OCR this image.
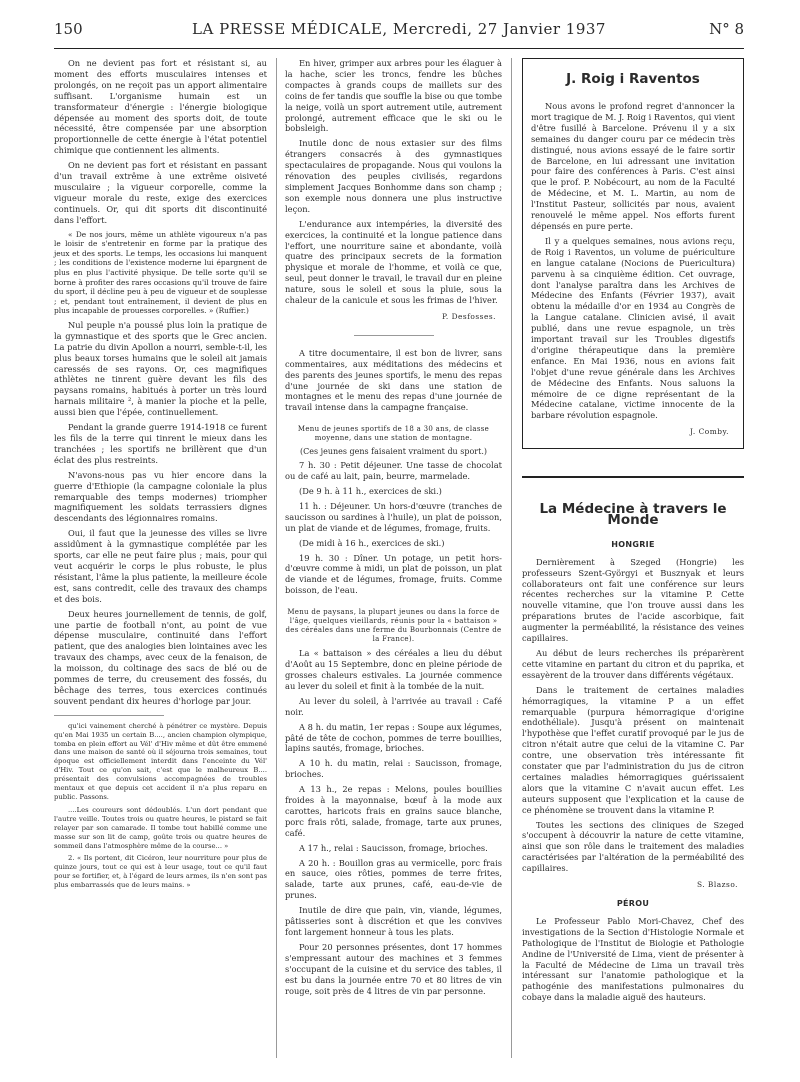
150	LA PRESSE MÉDICALE, Mercredi, 27 Janvier 1937	N° 8

On ne devient pas fort et résistant si, au moment des efforts musculaires intenses et prolongés, on ne reçoit pas un apport alimentaire suffisant. L'organisme humain est un transformateur d'énergie : l'énergie biologique dépensée au moment des sports doit, de toute nécessité, être compensée par une absorption proportionnelle de cette énergie à l'état potentiel chimique que contiennent les aliments.

On ne devient pas fort et résistant en passant d'un travail extrême à une extrême oisiveté musculaire ; la vigueur corporelle, comme la vigueur morale du reste, exige des exercices continuels. Or, qui dit sports dit discontinuité dans l'effort.

« De nos jours, même un athlète vigoureux n'a pas le loisir de s'entretenir en forme par la pratique des jeux et des sports. Le temps, les occasions lui manquent ; les conditions de l'existence moderne lui épargnent de plus en plus l'activité physique. De telle sorte qu'il se borne à profiter des rares occasions qu'il trouve de faire du sport, il décline peu à peu de vigueur et de souplesse ; et, pendant tout entraînement, il devient de plus en plus incapable de prouesses corporelles. » (Ruffier.)

Nul peuple n'a poussé plus loin la pratique de la gymnastique et des sports que le Grec ancien. La patrie du divin Apollon a nourri, semble-t-il, les plus beaux torses humains que le soleil ait jamais caressés de ses rayons. Or, ces magnifiques athlètes ne tinrent guère devant les fils des paysans romains, habitués à porter un très lourd harnais militaire ², à manier la pioche et la pelle, aussi bien que l'épée, continuellement.

Pendant la grande guerre 1914-1918 ce furent les fils de la terre qui tinrent le mieux dans les tranchées ; les sportifs ne brillèrent que d'un éclat des plus restreints.

N'avons-nous pas vu hier encore dans la guerre d'Ethiopie (la campagne coloniale la plus remarquable des temps modernes) triompher magnifiquement les soldats terrassiers dignes descendants des légionnaires romains.

Oui, il faut que la jeunesse des villes se livre assidûment à la gymnastique complétée par les sports, car elle ne peut faire plus ; mais, pour qui veut acquérir le corps le plus robuste, le plus résistant, l'âme la plus patiente, la meilleure école est, sans contredit, celle des travaux des champs et des bois.

Deux heures journellement de tennis, de golf, une partie de football n'ont, au point de vue dépense musculaire, continuité dans l'effort patient, que des analogies bien lointaines avec les travaux des champs, avec ceux de la fenaison, de la moisson, du coltinage des sacs de blé ou de pommes de terre, du creusement des fossés, du bêchage des terres, tous exercices continués souvent pendant dix heures d'horloge par jour.

qu'ici vainement cherché à pénétrer ce mystère. Depuis qu'en Mai 1935 un certain B...., ancien champion olympique, tomba en plein effort au Vél' d'Hiv même et dût être emmené dans une maison de santé où il séjourna trois semaines, tout époque est officiellement interdit dans l'enceinte du Vél' d'Hiv. Tout ce qu'on sait, c'est que le malheureux B.... présentait des convulsions accompagnées de troubles mentaux et que depuis cet accident il n'a plus reparu en public. Passons.

....Les coureurs sont dédoublés. L'un dort pendant que l'autre veille. Toutes trois ou quatre heures, le pistard se fait relayer par son camarade. Il tombe tout habillé comme une masse sur son lit de camp, goûte trois ou quatre heures de sommeil dans l'atmosphère même de la course... »

2. « Ils portent, dit Cicéron, leur nourriture pour plus de quinze jours, tout ce qui est à leur usage, tout ce qu'il faut pour se fortifier, et, à l'égard de leurs armes, ils n'en sont pas plus embarrassés que de leurs mains. »

En hiver, grimper aux arbres pour les élaguer à la hache, scier les troncs, fendre les bûches compactes à grands coups de maillets sur des coins de fer tandis que souffle la bise ou que tombe la neige, voilà un sport autrement utile, autrement prolongé, autrement efficace que le ski ou le bobsleigh.

Inutile donc de nous extasier sur des films étrangers consacrés à des gymnastiques spectaculaires de propagande. Nous qui voulons la rénovation des peuples civilisés, regardons simplement Jacques Bonhomme dans son champ ; son exemple nous donnera une plus instructive leçon.

L'endurance aux intempéries, la diversité des exercices, la continuité et la longue patience dans l'effort, une nourriture saine et abondante, voilà quatre des principaux secrets de la formation physique et morale de l'homme, et voilà ce que, seul, peut donner le travail, le travail dur en pleine nature, sous le soleil et sous la pluie, sous la chaleur de la canicule et sous les frimas de l'hiver.

P. Desfosses.

A titre documentaire, il est bon de livrer, sans commentaires, aux méditations des médecins et des parents des jeunes sportifs, le menu des repas d'une journée de ski dans une station de montagnes et le menu des repas d'une journée de travail intense dans la campagne française.

Menu de jeunes sportifs de 18 a 30 ans, de classe moyenne, dans une station de montagne.
(Ces jeunes gens faisaient vraiment du sport.)

7 h. 30 : Petit déjeuner. Une tasse de chocolat ou de café au lait, pain, beurre, marmelade.

(De 9 h. à 11 h., exercices de ski.)

11 h. : Déjeuner. Un hors-d'œuvre (tranches de saucisson ou sardines à l'huile), un plat de poisson, un plat de viande et de légumes, fromage, fruits.

(De midi à 16 h., exercices de ski.)

19 h. 30 : Dîner. Un potage, un petit hors-d'œuvre comme à midi, un plat de poisson, un plat de viande et de légumes, fromage, fruits. Comme boisson, de l'eau.

Menu de paysans, la plupart jeunes ou dans la force de l'âge, quelques vieillards, réunis pour la « battaison » des céréales dans une ferme du Bourbonnais (Centre de la France).

La « battaison » des céréales a lieu du début d'Août au 15 Septembre, donc en pleine période de grosses chaleurs estivales. La journée commence au lever du soleil et finit à la tombée de la nuit.

Au lever du soleil, à l'arrivée au travail : Café noir.

A 8 h. du matin, 1er repas : Soupe aux légumes, pâté de tête de cochon, pommes de terre bouillies, lapins sautés, fromage, brioches.

A 10 h. du matin, relai : Saucisson, fromage, brioches.

A 13 h., 2e repas : Melons, poules bouillies froides à la mayonnaise, bœuf à la mode aux carottes, haricots frais en grains sauce blanche, porc frais rôti, salade, fromage, tarte aux prunes, café.

A 17 h., relai : Saucisson, fromage, brioches.

A 20 h. : Bouillon gras au vermicelle, porc frais en sauce, oies rôties, pommes de terre frites, salade, tarte aux prunes, café, eau-de-vie de prunes.

Inutile de dire que pain, vin, viande, légumes, pâtisseries sont à discrétion et que les convives font largement honneur à tous les plats.

Pour 20 personnes présentes, dont 17 hommes s'empressant autour des machines et 3 femmes s'occupant de la cuisine et du service des tables, il est bu dans la journée entre 70 et 80 litres de vin rouge, soit près de 4 litres de vin par personne.

J. Roig i Raventos

Nous avons le profond regret d'annoncer la mort tragique de M. J. Roig i Raventos, qui vient d'être fusillé à Barcelone. Prévenu il y a six semaines du danger couru par ce médecin très distingué, nous avions essayé de le faire sortir de Barcelone, en lui adressant une invitation pour faire des conférences à Paris. C'est ainsi que le prof. P. Nobécourt, au nom de la Faculté de Médecine, et M. L. Martin, au nom de l'Institut Pasteur, sollicités par nous, avaient renouvelé le même appel. Nos efforts furent dépensés en pure perte.

Il y a quelques semaines, nous avions reçu, de Roig i Raventos, un volume de puériculture en langue catalane (Nocions de Puericultura) parvenu à sa cinquième édition. Cet ouvrage, dont l'analyse paraîtra dans les Archives de Médecine des Enfants (Février 1937), avait obtenu la médaille d'or en 1934 au Congrès de la Langue catalane. Clinicien avisé, il avait publié, dans une revue espagnole, un très important travail sur les Troubles digestifs d'origine thérapeutique dans la première enfance. En Mai 1936, nous en avions fait l'objet d'une revue générale dans les Archives de Médecine des Enfants. Nous saluons la mémoire de ce digne représentant de la Médecine catalane, victime innocente de la barbare révolution espagnole.

J. Comby.
La Médecine à travers le Monde
HONGRIE

Dernièrement à Szeged (Hongrie) les professeurs Szent-Györgyi et Busznyak et leurs collaborateurs ont fait une conférence sur leurs récentes recherches sur la vitamine P. Cette nouvelle vitamine, que l'on trouve aussi dans les préparations brutes de l'acide ascorbique, fait augmenter la perméabilité, la résistance des veines capillaires.

Au début de leurs recherches ils préparèrent cette vitamine en partant du citron et du paprika, et essayèrent de la trouver dans différents végétaux.

Dans le traitement de certaines maladies hémorragiques, la vitamine P a un effet remarquable (purpura hémorragique d'origine endothéliale). Jusqu'à présent on maintenait l'hypothèse que l'effet curatif provoqué par le jus de citron n'était autre que celui de la vitamine C. Par contre, une observation très intéressante fit constater que par l'administration du jus de citron certaines maladies hémorragiques guérissaient alors que la vitamine C n'avait aucun effet. Les auteurs supposent que l'explication et la cause de ce phénomène se trouvent dans la vitamine P.

Toutes les sections des cliniques de Szeged s'occupent à découvrir la nature de cette vitamine, ainsi que son rôle dans le traitement des maladies caractérisées par l'altération de la perméabilité des capillaires.

S. Blazso.
PÉROU

Le Professeur Pablo Mori-Chavez, Chef des investigations de la Section d'Histologie Normale et Pathologique de l'Institut de Biologie et Pathologie Andine de l'Université de Lima, vient de présenter à la Faculté de Médecine de Lima un travail très intéressant sur l'anatomie pathologique et la pathogénie des manifestations pulmonaires du cobaye dans la maladie aiguë des hauteurs.
